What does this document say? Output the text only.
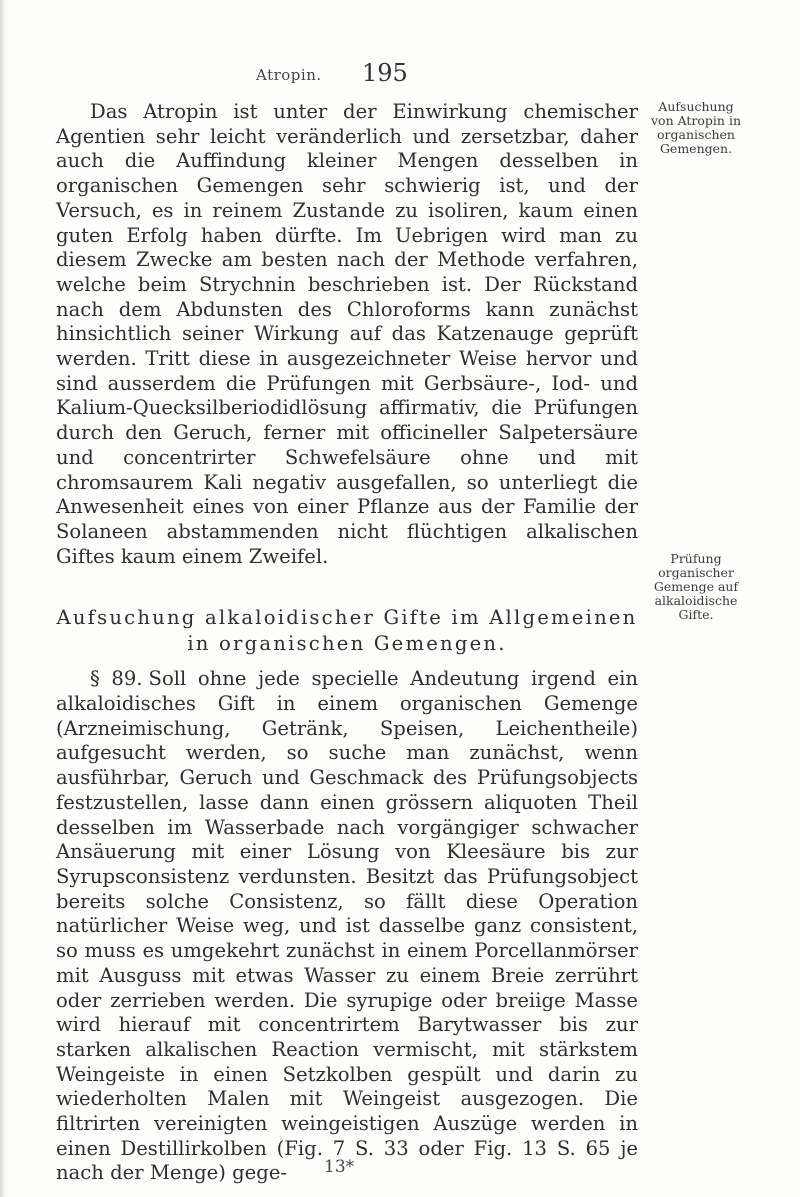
Atropin. 195

Das Atropin ist unter der Einwirkung chemischer Agentien sehr leicht veränderlich und zersetzbar, daher auch die Auffindung kleiner Mengen desselben in organischen Gemengen sehr schwierig ist, und der Versuch, es in reinem Zustande zu isoliren, kaum einen guten Erfolg haben dürfte. Im Uebrigen wird man zu diesem Zwecke am besten nach der Methode verfahren, welche beim Strychnin beschrieben ist. Der Rückstand nach dem Abdunsten des Chloroforms kann zunächst hinsichtlich seiner Wirkung auf das Katzenauge geprüft werden. Tritt diese in ausgezeichneter Weise hervor und sind ausserdem die Prüfungen mit Gerbsäure-, Iod- und Kalium-Quecksilberiodidlösung affirmativ, die Prüfungen durch den Geruch, ferner mit officineller Salpetersäure und concentrirter Schwefelsäure ohne und mit chromsaurem Kali negativ ausgefallen, so unterliegt die Anwesenheit eines von einer Pflanze aus der Familie der Solaneen abstammenden nicht flüchtigen alkalischen Giftes kaum einem Zweifel.

Aufsuchung alkaloidischer Gifte im Allgemeinen
in organischen Gemengen.

§ 89. Soll ohne jede specielle Andeutung irgend ein alkaloidisches Gift in einem organischen Gemenge (Arzneimischung, Getränk, Speisen, Leichentheile) aufgesucht werden, so suche man zunächst, wenn ausführbar, Geruch und Geschmack des Prüfungsobjects festzustellen, lasse dann einen grössern aliquoten Theil desselben im Wasserbade nach vorgängiger schwacher Ansäuerung mit einer Lösung von Kleesäure bis zur Syrupsconsistenz verdunsten. Besitzt das Prüfungsobject bereits solche Consistenz, so fällt diese Operation natürlicher Weise weg, und ist dasselbe ganz consistent, so muss es umgekehrt zunächst in einem Porcellanmörser mit Ausguss mit etwas Wasser zu einem Breie zerrührt oder zerrieben werden. Die syrupige oder breiige Masse wird hierauf mit concentrirtem Barytwasser bis zur starken alkalischen Reaction vermischt, mit stärkstem Weingeiste in einen Setzkolben gespült und darin zu wiederholten Malen mit Weingeist ausgezogen. Die filtrirten vereinigten weingeistigen Auszüge werden in einen Destillirkolben (Fig. 7 S. 33 oder Fig. 13 S. 65 je nach der Menge) gege-

Aufsuchung von Atropin in organischen Gemengen.
Prüfung organischer Gemenge auf alkaloidische Gifte.
13*
